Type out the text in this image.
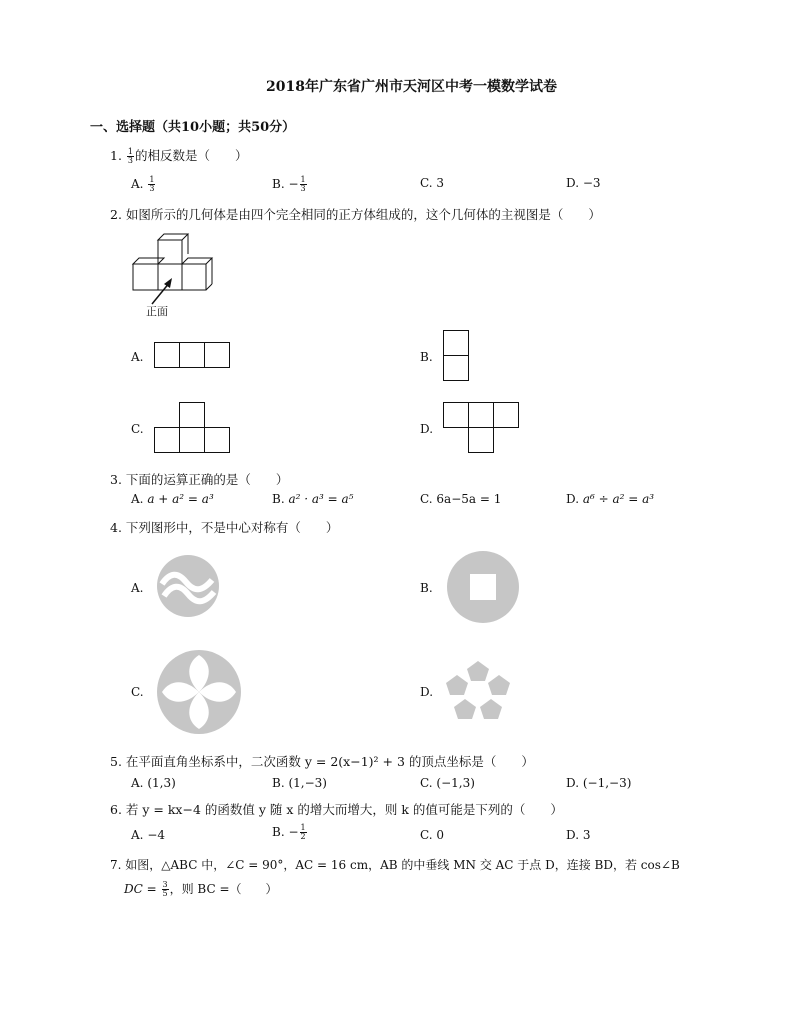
2018年广东省广州市天河区中考一模数学试卷
一、选择题（共10小题；共50分）
1. $\frac{1}{3}$ 的相反数是（　　）
A. $\frac{1}{3}$	B. − $\frac{1}{3}$	C. 3	D. −3
2. 如图所示的几何体是由四个完全相同的正方体组成的，这个几何体的主视图是（　　）
正面
A.	B.
C.	D.
3. 下面的运算正确的是（　　）
A. a + a² = a³	B. a² · a³ = a⁵	C. 6a−5a = 1	D. a⁶ ÷ a² = a³
4. 下列图形中，不是中心对称有（　　）
A.	B.
C.	D.
5. 在平面直角坐标系中，二次函数 y = 2(x−1)² + 3 的顶点坐标是（　　）
A. (1,3)	B. (1,−3)	C. (−1,3)	D. (−1,−3)
6. 若 y = kx−4 的函数值 y 随 x 的增大而增大，则 k 的值可能是下列的（　　）
A. −4	B. − $\frac{1}{2}$	C. 0	D. 3
7. 如图，△ABC 中，∠C = 90°，AC = 16 cm，AB 的中垂线 MN 交 AC 于点 D，连接 BD，若 cos∠B
DC = $\frac{3}{5}$ ，则 BC =（　　）
